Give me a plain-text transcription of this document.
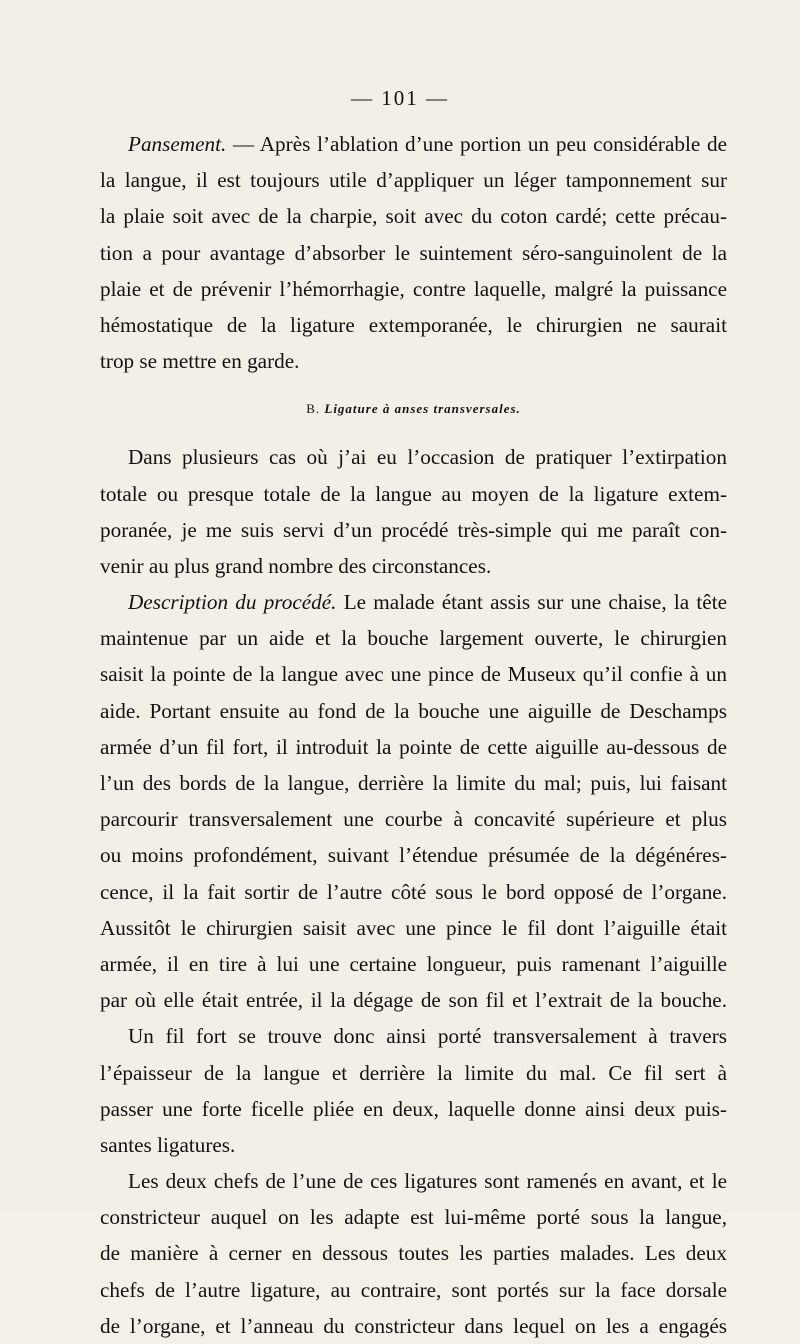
— 101 —
Pansement. — Après l’ablation d’une portion un peu considérable de
la langue, il est toujours utile d’appliquer un léger tamponnement sur
la plaie soit avec de la charpie, soit avec du coton cardé; cette précau-
tion a pour avantage d’absorber le suintement séro-sanguinolent de la
plaie et de prévenir l’hémorrhagie, contre laquelle, malgré la puissance
hémostatique de la ligature extemporanée, le chirurgien ne saurait
trop se mettre en garde.
B. Ligature à anses transversales.
Dans plusieurs cas où j’ai eu l’occasion de pratiquer l’extirpation
totale ou presque totale de la langue au moyen de la ligature extem-
poranée, je me suis servi d’un procédé très-simple qui me paraît con-
venir au plus grand nombre des circonstances.
Description du procédé. Le malade étant assis sur une chaise, la tête
maintenue par un aide et la bouche largement ouverte, le chirurgien
saisit la pointe de la langue avec une pince de Museux qu’il confie à un
aide. Portant ensuite au fond de la bouche une aiguille de Deschamps
armée d’un fil fort, il introduit la pointe de cette aiguille au-dessous de
l’un des bords de la langue, derrière la limite du mal; puis, lui faisant
parcourir transversalement une courbe à concavité supérieure et plus
ou moins profondément, suivant l’étendue présumée de la dégénéres-
cence, il la fait sortir de l’autre côté sous le bord opposé de l’organe.
Aussitôt le chirurgien saisit avec une pince le fil dont l’aiguille était
armée, il en tire à lui une certaine longueur, puis ramenant l’aiguille
par où elle était entrée, il la dégage de son fil et l’extrait de la bouche.
Un fil fort se trouve donc ainsi porté transversalement à travers
l’épaisseur de la langue et derrière la limite du mal. Ce fil sert à
passer une forte ficelle pliée en deux, laquelle donne ainsi deux puis-
santes ligatures.
Les deux chefs de l’une de ces ligatures sont ramenés en avant, et le
constricteur auquel on les adapte est lui-même porté sous la langue,
de manière à cerner en dessous toutes les parties malades. Les deux
chefs de l’autre ligature, au contraire, sont portés sur la face dorsale
de l’organe, et l’anneau du constricteur dans lequel on les a engagés
